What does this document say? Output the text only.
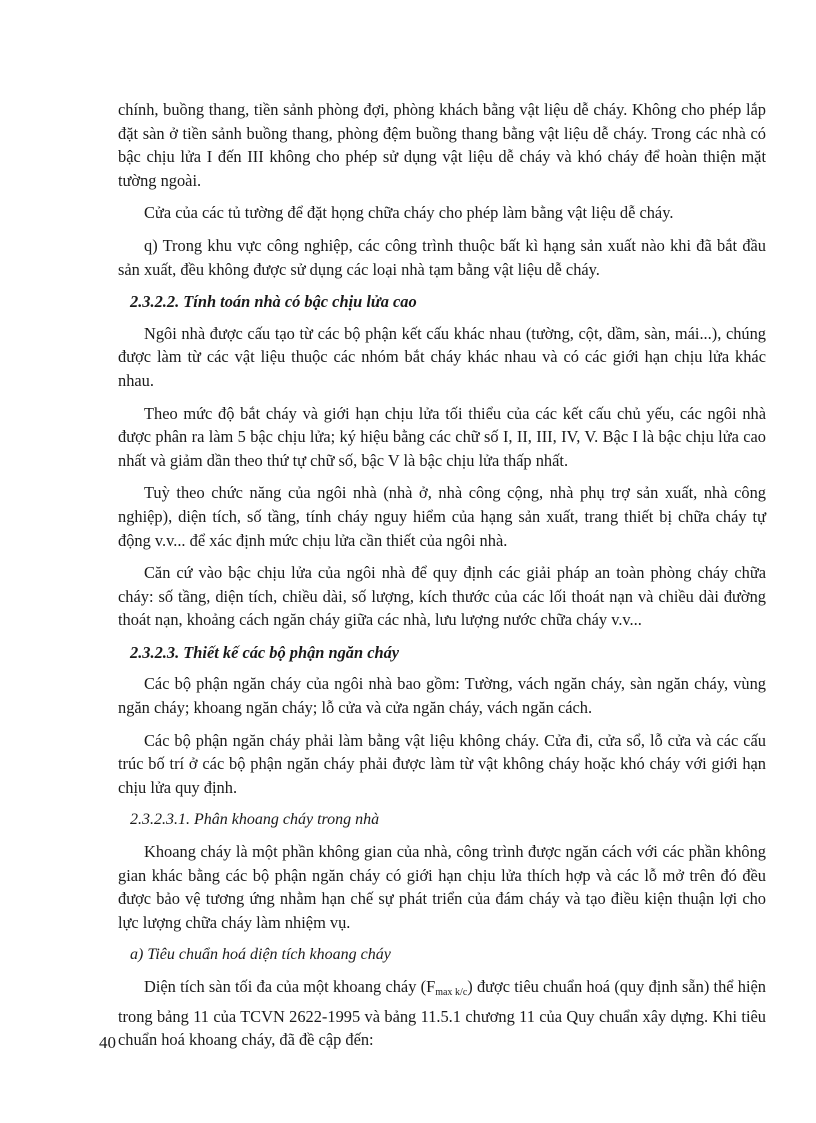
chính, buồng thang, tiền sảnh phòng đợi, phòng khách bằng vật liệu dễ cháy. Không cho phép lắp đặt sàn ở tiền sảnh buồng thang, phòng đệm buồng thang bằng vật liệu dễ cháy. Trong các nhà có bậc chịu lửa I đến III không cho phép sử dụng vật liệu dễ cháy và khó cháy để hoàn thiện mặt tường ngoài.

Cửa của các tủ tường để đặt họng chữa cháy cho phép làm bằng vật liệu dễ cháy.

q) Trong khu vực công nghiệp, các công trình thuộc bất kì hạng sản xuất nào khi đã bắt đầu sản xuất, đều không được sử dụng các loại nhà tạm bằng vật liệu dễ cháy.

2.3.2.2. Tính toán nhà có bậc chịu lửa cao

Ngôi nhà được cấu tạo từ các bộ phận kết cấu khác nhau (tường, cột, dầm, sàn, mái...), chúng được làm từ các vật liệu thuộc các nhóm bắt cháy khác nhau và có các giới hạn chịu lửa khác nhau.

Theo mức độ bắt cháy và giới hạn chịu lửa tối thiểu của các kết cấu chủ yếu, các ngôi nhà được phân ra làm 5 bậc chịu lửa; ký hiệu bằng các chữ số I, II, III, IV, V. Bậc I là bậc chịu lửa cao nhất và giảm dần theo thứ tự chữ số, bậc V là bậc chịu lửa thấp nhất.

Tuỳ theo chức năng của ngôi nhà (nhà ở, nhà công cộng, nhà phụ trợ sản xuất, nhà công nghiệp), diện tích, số tầng, tính cháy nguy hiểm của hạng sản xuất, trang thiết bị chữa cháy tự động v.v... để xác định mức chịu lửa cần thiết của ngôi nhà.

Căn cứ vào bậc chịu lửa của ngôi nhà để quy định các giải pháp an toàn phòng cháy chữa cháy: số tầng, diện tích, chiều dài, số lượng, kích thước của các lối thoát nạn và chiều dài đường thoát nạn, khoảng cách ngăn cháy giữa các nhà, lưu lượng nước chữa cháy v.v...

2.3.2.3. Thiết kế các bộ phận ngăn cháy

Các bộ phận ngăn cháy của ngôi nhà bao gồm: Tường, vách ngăn cháy, sàn ngăn cháy, vùng ngăn cháy; khoang ngăn cháy; lỗ cửa và cửa ngăn cháy, vách ngăn cách.

Các bộ phận ngăn cháy phải làm bằng vật liệu không cháy. Cửa đi, cửa sổ, lỗ cửa và các cấu trúc bố trí ở các bộ phận ngăn cháy phải được làm từ vật không cháy hoặc khó cháy với giới hạn chịu lửa quy định.

2.3.2.3.1. Phân khoang cháy trong nhà

Khoang cháy là một phần không gian của nhà, công trình được ngăn cách với các phần không gian khác bằng các bộ phận ngăn cháy có giới hạn chịu lửa thích hợp và các lỗ mở trên đó đều được bảo vệ tương ứng nhằm hạn chế sự phát triển của đám cháy và tạo điều kiện thuận lợi cho lực lượng chữa cháy làm nhiệm vụ.

a) Tiêu chuẩn hoá diện tích khoang cháy

Diện tích sàn tối đa của một khoang cháy $(F_{max k/c})$ được tiêu chuẩn hoá (quy định sẵn) thể hiện trong bảng 11 của TCVN 2622-1995 và bảng 11.5.1 chương 11 của Quy chuẩn xây dựng. Khi tiêu chuẩn hoá khoang cháy, đã đề cập đến:

40
